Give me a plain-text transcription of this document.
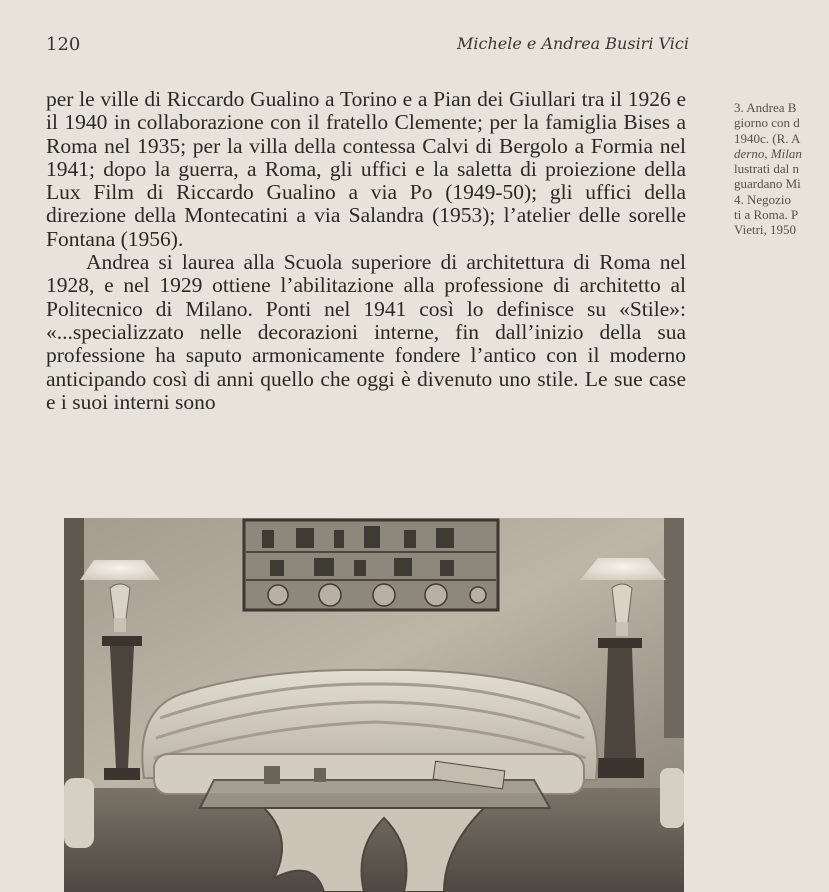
120	Michele e Andrea Busiri Vici

per le ville di Riccardo Gualino a Torino e a Pian dei Giullari tra il 1926 e il 1940 in collaborazione con il fratello Clemente; per la famiglia Bises a Roma nel 1935; per la villa della contessa Calvi di Bergolo a Formia nel 1941; dopo la guerra, a Roma, gli uffici e la saletta di proiezione della Lux Film di Riccardo Gualino a via Po (1949-50); gli uffici della direzione della Montecatini a via Salandra (1953); l’atelier delle sorelle Fontana (1956).

Andrea si laurea alla Scuola superiore di architettura di Roma nel 1928, e nel 1929 ottiene l’abilitazione alla professione di architetto al Politecnico di Milano. Ponti nel 1941 così lo definisce su «Stile»: «...specializzato nelle decorazioni interne, fin dall’inizio della sua professione ha saputo armonicamente fondere l’antico con il moderno anticipando così di anni quello che oggi è divenuto uno stile. Le sue case e i suoi interni sono

3. Andrea B
giorno con d
1940c. (R. A
derno, Milan
lustrati dal n
guardano Mi
4. Negozio
ti a Roma. P
Vietri, 1950
